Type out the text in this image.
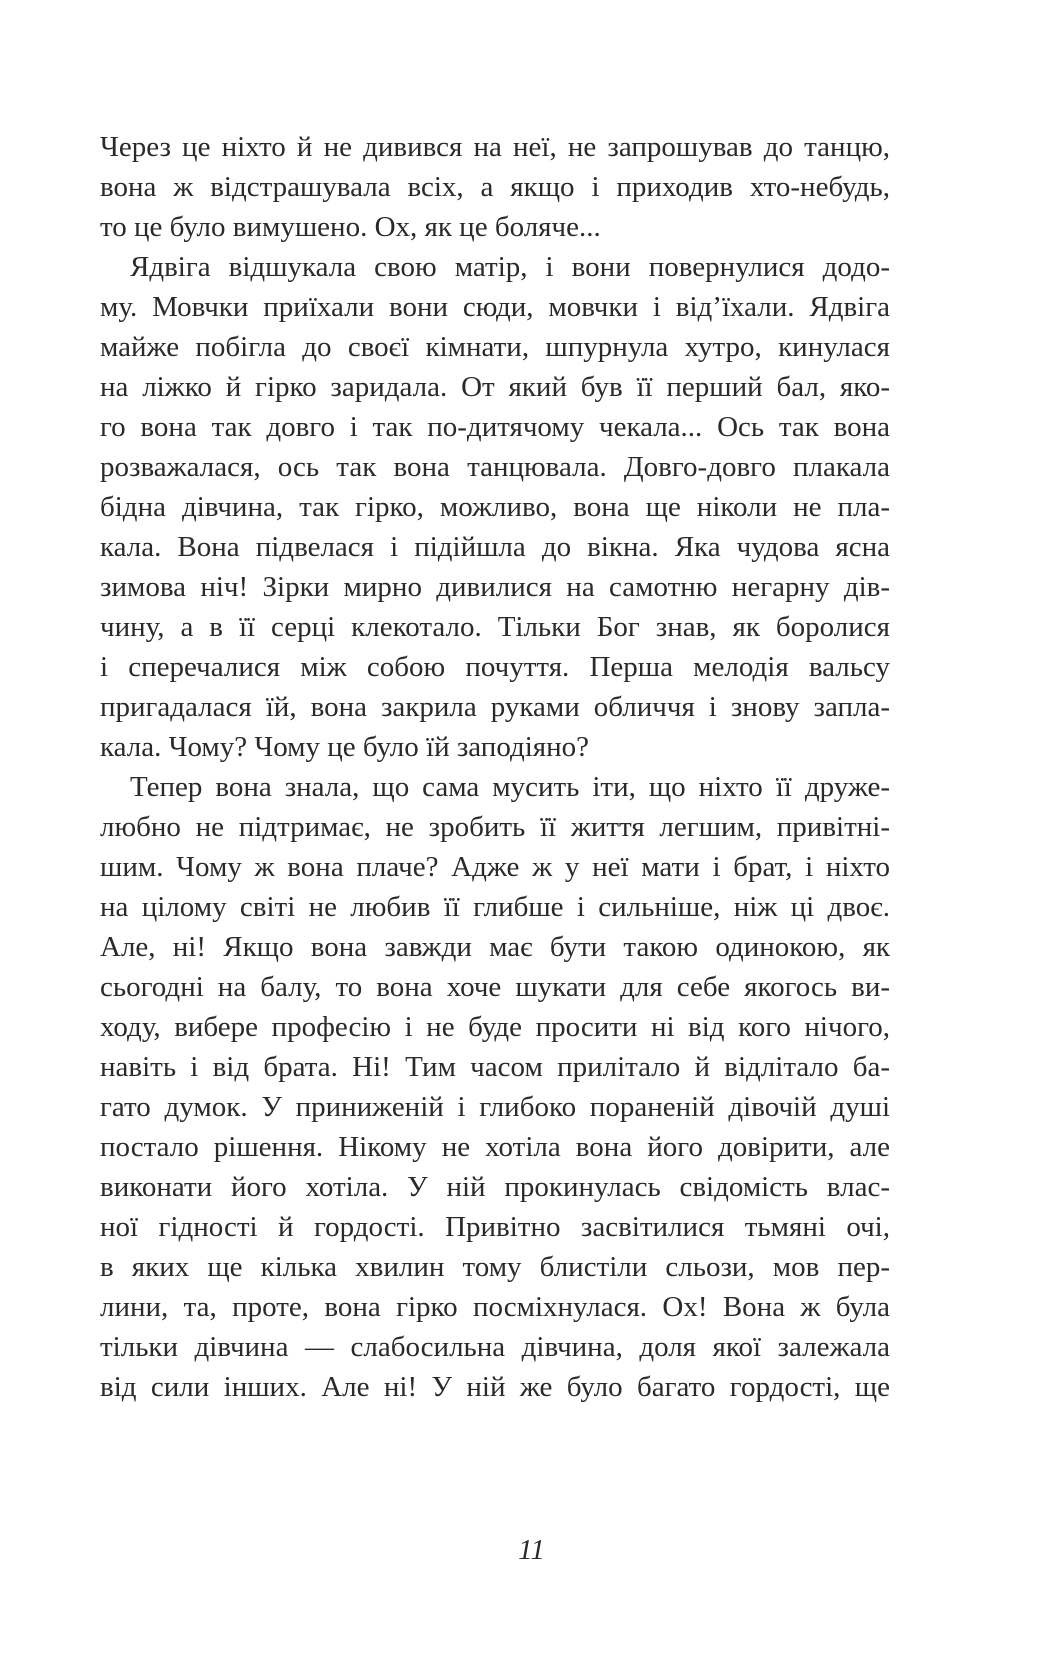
Через це ніхто й не дивився на неї, не запрошував до танцю,
вона ж відстрашувала всіх, а якщо і приходив хто-небудь,
то це було вимушено. Ох, як це боляче...
Ядвіга відшукала свою матір, і вони повернулися додо-
му. Мовчки приїхали вони сюди, мовчки і від’їхали. Ядвіга
майже побігла до своєї кімнати, шпурнула хутро, кинулася
на ліжко й гірко заридала. От який був її перший бал, яко-
го вона так довго і так по-дитячому чекала... Ось так вона
розважалася, ось так вона танцювала. Довго-довго плакала
бідна дівчина, так гірко, можливо, вона ще ніколи не пла-
кала. Вона підвелася і підійшла до вікна. Яка чудова ясна
зимова ніч! Зірки мирно дивилися на самотню негарну дів-
чину, а в її серці клекотало. Тільки Бог знав, як боролися
і сперечалися між собою почуття. Перша мелодія вальсу
пригадалася їй, вона закрила руками обличчя і знову запла-
кала. Чому? Чому це було їй заподіяно?
Тепер вона знала, що сама мусить іти, що ніхто її друже-
любно не підтримає, не зробить її життя легшим, привітні-
шим. Чому ж вона плаче? Адже ж у неї мати і брат, і ніхто
на цілому світі не любив її глибше і сильніше, ніж ці двоє.
Але, ні! Якщо вона завжди має бути такою одинокою, як
сьогодні на балу, то вона хоче шукати для себе якогось ви-
ходу, вибере професію і не буде просити ні від кого нічого,
навіть і від брата. Ні! Тим часом прилітало й відлітало ба-
гато думок. У приниженій і глибоко пораненій дівочій душі
постало рішення. Нікому не хотіла вона його довірити, але
виконати його хотіла. У ній прокинулась свідомість влас-
ної гідності й гордості. Привітно засвітилися тьмяні очі,
в яких ще кілька хвилин тому блистіли сльози, мов пер-
лини, та, проте, вона гірко посміхнулася. Ох! Вона ж була
тільки дівчина — слабосильна дівчина, доля якої залежала
від сили інших. Але ні! У ній же було багато гордості, ще
11
